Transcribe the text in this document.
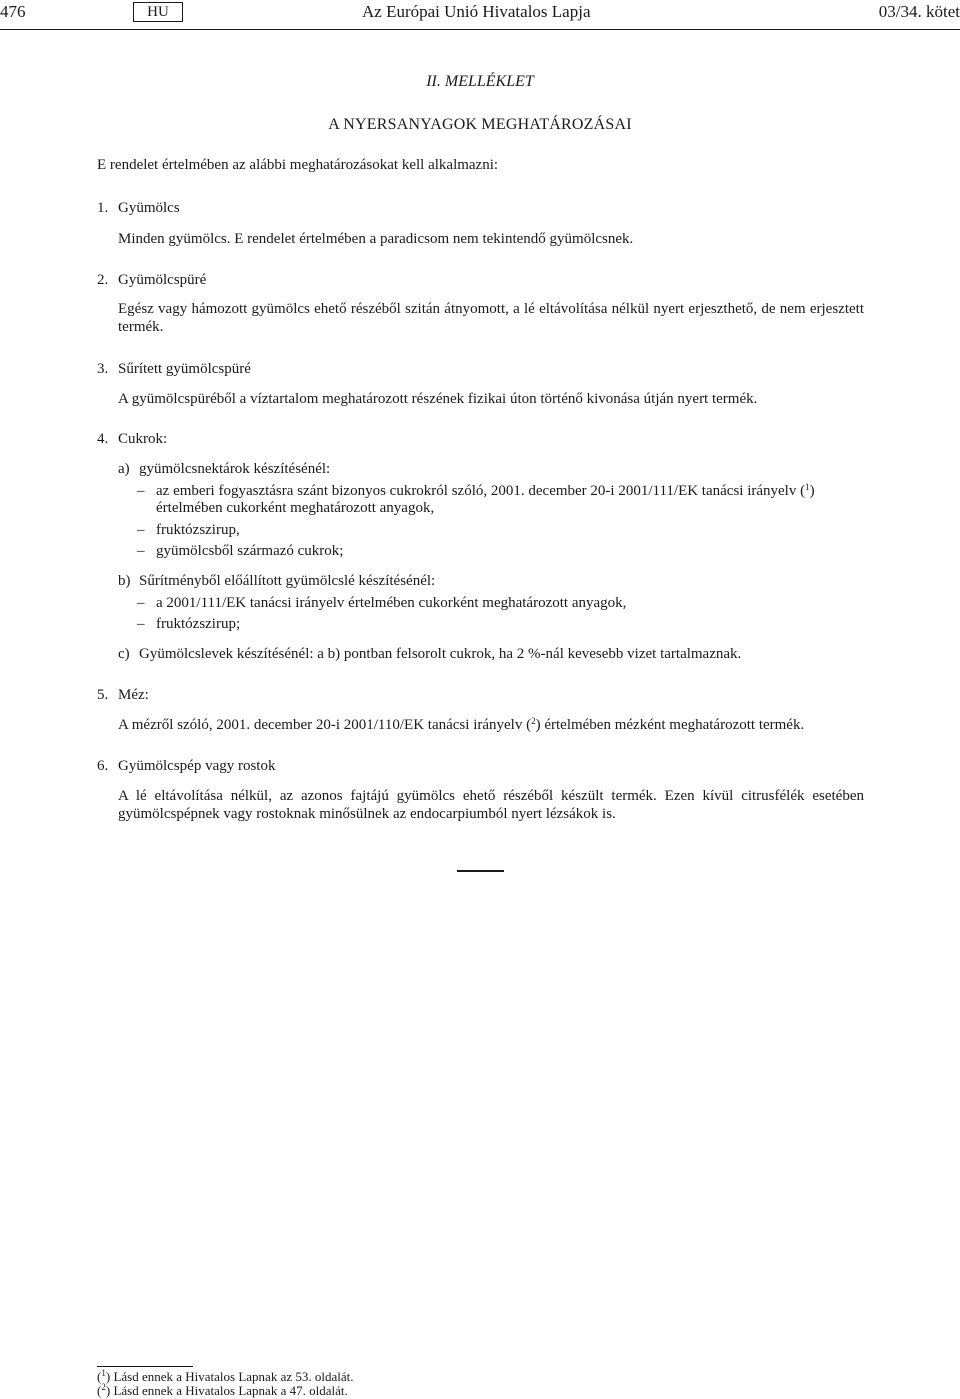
476	HU	Az Európai Unió Hivatalos Lapja	03/34. kötet
II. MELLÉKLET
A NYERSANYAGOK MEGHATÁROZÁSAI
E rendelet értelmében az alábbi meghatározásokat kell alkalmazni:
1. Gyümölcs
Minden gyümölcs. E rendelet értelmében a paradicsom nem tekintendő gyümölcsnek.
2. Gyümölcspüré
Egész vagy hámozott gyümölcs ehető részéből szitán átnyomott, a lé eltávolítása nélkül nyert erjeszthető, de nem erjesztett termék.
3. Sűrített gyümölcspüré
A gyümölcspüréből a víztartalom meghatározott részének fizikai úton történő kivonása útján nyert termék.
4. Cukrok:
a) gyümölcsnektárok készítésénél:
– az emberi fogyasztásra szánt bizonyos cukrokról szóló, 2001. december 20-i 2001/111/EK tanácsi irányelv ($^1$)
értelmében cukorként meghatározott anyagok,
– fruktózszirup,
– gyümölcsből származó cukrok;
b) Sűrítményből előállított gyümölcslé készítésénél:
– a 2001/111/EK tanácsi irányelv értelmében cukorként meghatározott anyagok,
– fruktózszirup;
c) Gyümölcslevek készítésénél: a b) pontban felsorolt cukrok, ha 2 %-nál kevesebb vizet tartalmaznak.
5. Méz:
A mézről szóló, 2001. december 20-i 2001/110/EK tanácsi irányelv ($^2$) értelmében mézként meghatározott termék.
6. Gyümölcspép vagy rostok
A lé eltávolítása nélkül, az azonos fajtájú gyümölcs ehető részéből készült termék. Ezen kívül citrusfélék esetében gyümölcspépnek vagy rostoknak minősülnek az endocarpiumból nyert lézsákok is.
($^1$) Lásd ennek a Hivatalos Lapnak az 53. oldalát.
($^2$) Lásd ennek a Hivatalos Lapnak a 47. oldalát.
